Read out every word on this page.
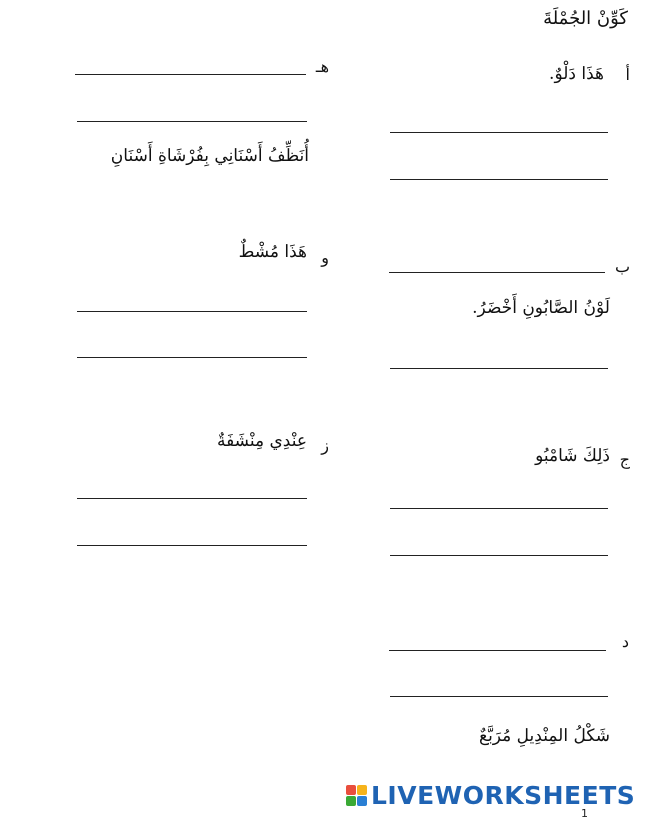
كَوِّنْ الجُمْلَةَ
أ
هَذَا دَلْوٌ.
ب
لَوْنُ الصَّابُونِ أَخْضَرُ.
ج
ذَلِكَ شَامْبُو
د
شَكْلُ المِنْدِيلِ مُرَبَّعٌ
هـ
أُنَظِّفُ أَسْنَانِي بِفُرْشَاةِ أَسْنَانِ
و
هَذَا مُشْطٌ
ز
عِنْدِي مِنْشَفَةٌ
LIVEWORKSHEETS
1
